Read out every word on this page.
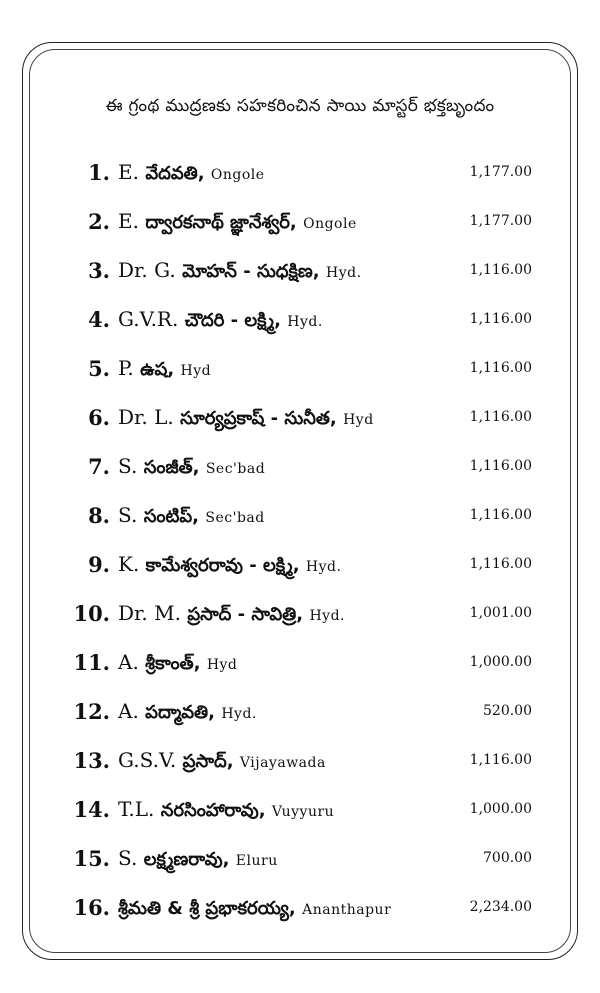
ఈ గ్రంథ ముద్రణకు సహకరించిన సాయి మాస్టర్ భక్తబృందం
1. E. వేదవతి, Ongole	1,177.00
2. E. ద్వారకనాథ్ జ్ఞానేశ్వర్, Ongole	1,177.00
3. Dr. G. మోహన్ - సుధక్షిణ, Hyd.	1,116.00
4. G.V.R. చౌదరి - లక్ష్మి, Hyd.	1,116.00
5. P. ఉష, Hyd	1,116.00
6. Dr. L. సూర్యప్రకాష్ - సునీత, Hyd	1,116.00
7. S. సంజీత్, Sec'bad	1,116.00
8. S. సంటిప్, Sec'bad	1,116.00
9. K. కామేశ్వరరావు - లక్ష్మి, Hyd.	1,116.00
10. Dr. M. ప్రసాద్ - సావిత్రి, Hyd.	1,001.00
11. A. శ్రీకాంత్, Hyd	1,000.00
12. A. పద్మావతి, Hyd.	520.00
13. G.S.V. ప్రసాద్, Vijayawada	1,116.00
14. T.L. నరసింహారావు, Vuyyuru	1,000.00
15. S. లక్ష్మణరావు, Eluru	700.00
16. శ్రీమతి & శ్రీ ప్రభాకరయ్య, Ananthapur	2,234.00
